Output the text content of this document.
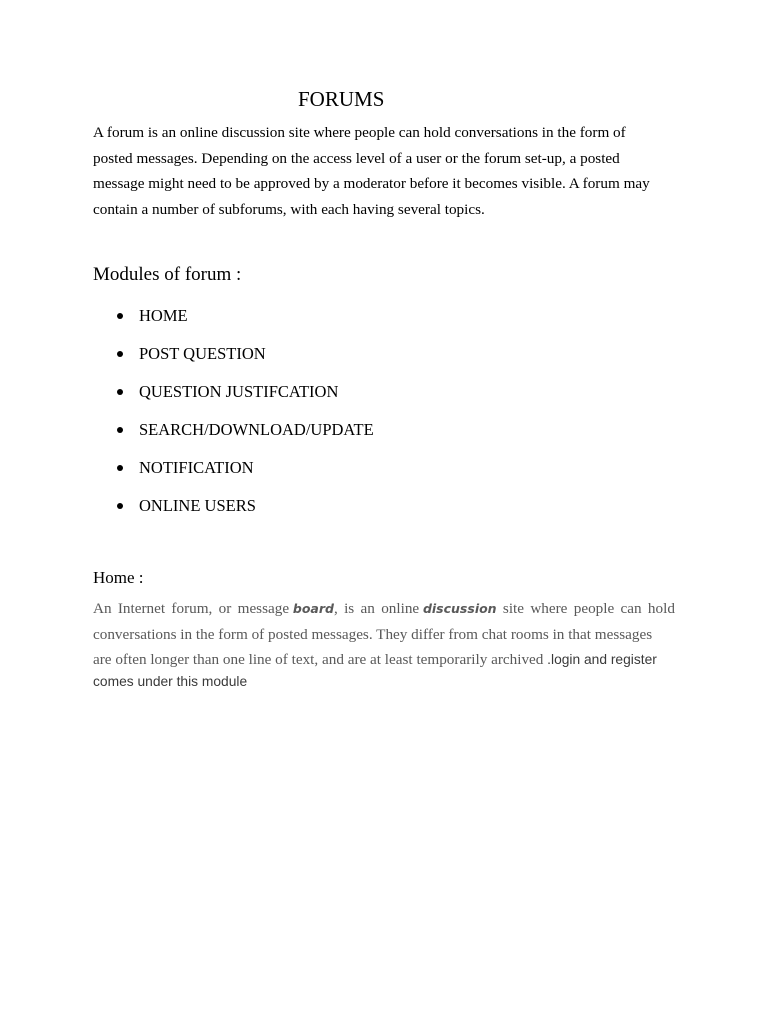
FORUMS

A forum is an online discussion site where people can hold conversations in the form of
posted messages. Depending on the access level of a user or the forum set-up, a posted
message might need to be approved by a moderator before it becomes visible. A forum may
contain a number of subforums, with each having several topics.

Modules of forum :
HOME
POST QUESTION
QUESTION JUSTIFCATION
SEARCH/DOWNLOAD/UPDATE
NOTIFICATION
ONLINE USERS
Home :
An Internet forum, or message board, is an online discussion site where people can hold
conversations in the form of posted messages. They differ from chat rooms in that messages
are often longer than one line of text, and are at least temporarily archived .login and register
comes under this module
